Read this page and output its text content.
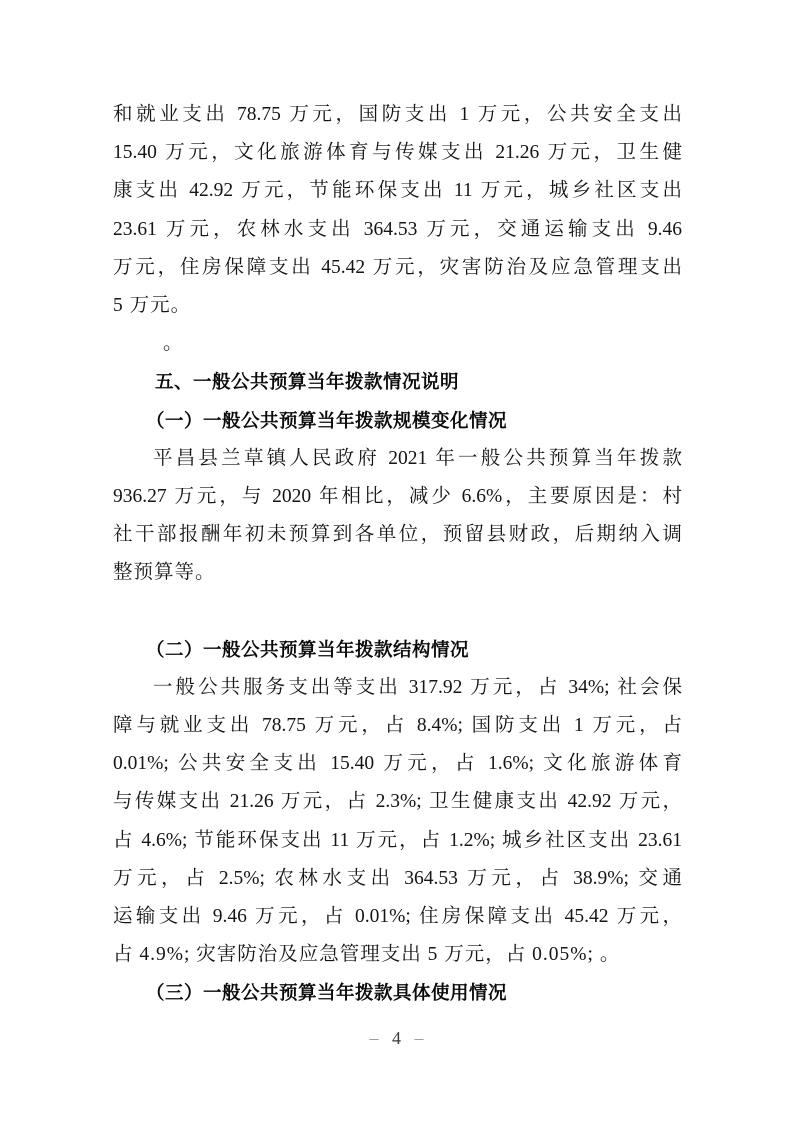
和就业支出 78.75 万元，国防支出 1 万元，公共安全支出
15.40 万元，文化旅游体育与传媒支出 21.26 万元，卫生健
康支出 42.92 万元，节能环保支出 11 万元，城乡社区支出
23.61 万元，农林水支出 364.53 万元，交通运输支出 9.46
万元，住房保障支出 45.42 万元，灾害防治及应急管理支出
5 万元。
。
五、一般公共预算当年拨款情况说明
（一）一般公共预算当年拨款规模变化情况
平昌县兰草镇人民政府 2021 年一般公共预算当年拨款
936.27 万元，与 2020 年相比，减少 6.6%，主要原因是：村
社干部报酬年初未预算到各单位，预留县财政，后期纳入调
整预算等。
（二）一般公共预算当年拨款结构情况
一般公共服务支出等支出 317.92 万元，占 34%; 社会保
障与就业支出 78.75 万元，占 8.4%; 国防支出 1 万元，占
0.01%; 公共安全支出 15.40 万元，占 1.6%; 文化旅游体育
与传媒支出 21.26 万元，占 2.3%; 卫生健康支出 42.92 万元，
占 4.6%; 节能环保支出 11 万元，占 1.2%; 城乡社区支出 23.61
万元，占 2.5%; 农林水支出 364.53 万元，占 38.9%; 交通
运输支出 9.46 万元，占 0.01%; 住房保障支出 45.42 万元，
占 4.9%; 灾害防治及应急管理支出 5 万元，占 0.05%; 。
（三）一般公共预算当年拨款具体使用情况
– 4 –
